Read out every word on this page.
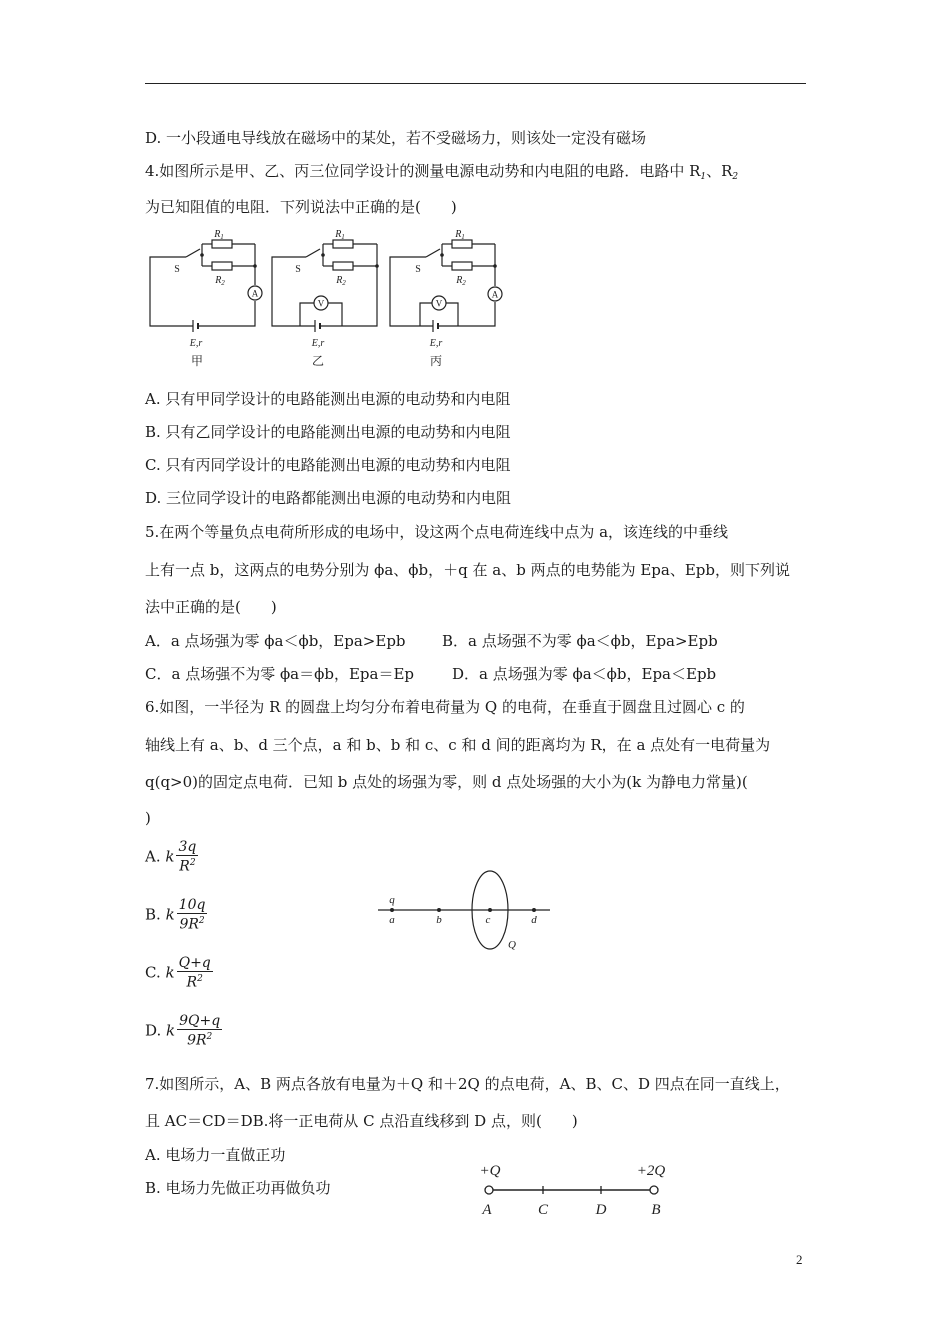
D. 一小段通电导线放在磁场中的某处，若不受磁场力，则该处一定没有磁场
4.如图所示是甲、乙、丙三位同学设计的测量电源电动势和内电阻的电路．电路中 $R_1$、$R_2$
为已知阻值的电阻．下列说法中正确的是(　　)
S	S	S
$R_1$	$R_1$	$R_1$
$R_2$	$R_2$	$R_2$
A	A
V	V
E,r	E,r	E,r
甲	乙	丙
A. 只有甲同学设计的电路能测出电源的电动势和内电阻
B. 只有乙同学设计的电路能测出电源的电动势和内电阻
C. 只有丙同学设计的电路能测出电源的电动势和内电阻
D. 三位同学设计的电路都能测出电源的电动势和内电阻
5.在两个等量负点电荷所形成的电场中，设这两个点电荷连线中点为 a，该连线的中垂线
上有一点 b，这两点的电势分别为 ϕa、ϕb，＋q 在 a、b 两点的电势能为 Epa、Epb，则下列说
法中正确的是(　　)
A．a 点场强为零 ϕa＜ϕb，Epa>Epb B．a 点场强不为零 ϕa＜ϕb，Epa>Epb
C．a 点场强不为零 ϕa＝ϕb，Epa＝Ep	D．a 点场强为零 ϕa＜ϕb，Epa＜Epb
6.如图，一半径为 R 的圆盘上均匀分布着电荷量为 Q 的电荷，在垂直于圆盘且过圆心 c 的
轴线上有 a、b、d 三个点，a 和 b、b 和 c、c 和 d 间的距离均为 R，在 a 点处有一电荷量为
q(q>0)的固定点电荷．已知 b 点处的场强为零，则 d 点处场强的大小为(k 为静电力常量)(
)
A. k $\frac{3q}{R^2}$
B. k $\frac{10q}{9R^2}$
C. k $\frac{Q+q}{R^2}$
D. k $\frac{9Q+q}{9R^2}$
q
a	b	c	d
Q
7.如图所示，A、B 两点各放有电量为＋Q 和＋2Q 的点电荷，A、B、C、D 四点在同一直线上，
且 AC＝CD＝DB.将一正电荷从 C 点沿直线移到 D 点，则(　　)
A. 电场力一直做正功
B. 电场力先做正功再做负功
+Q	+2Q
A	C	D	B
2
